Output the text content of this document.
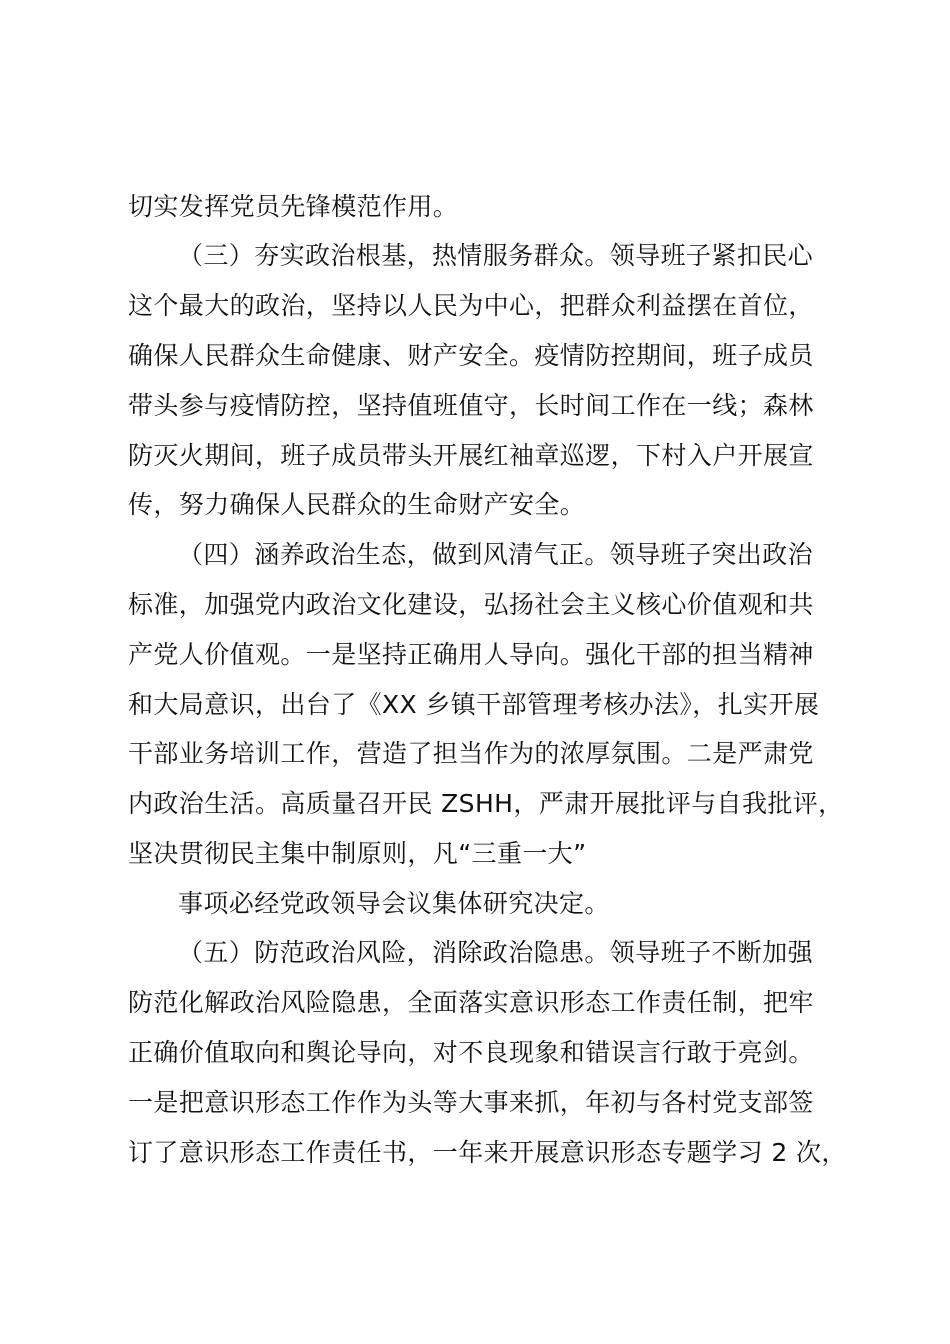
切实发挥党员先锋模范作用。
（三）夯实政治根基，热情服务群众。领导班子紧扣民心
这个最大的政治，坚持以人民为中心，把群众利益摆在首位，
确保人民群众生命健康、财产安全。疫情防控期间，班子成员
带头参与疫情防控，坚持值班值守，长时间工作在一线；森林
防灭火期间，班子成员带头开展红袖章巡逻，下村入户开展宣
传，努力确保人民群众的生命财产安全。
（四）涵养政治生态，做到风清气正。领导班子突出政治
标准，加强党内政治文化建设，弘扬社会主义核心价值观和共
产党人价值观。一是坚持正确用人导向。强化干部的担当精神
和大局意识，出台了《XX 乡镇干部管理考核办法》，扎实开展
干部业务培训工作，营造了担当作为的浓厚氛围。二是严肃党
内政治生活。高质量召开民 ZSHH，严肃开展批评与自我批评，
坚决贯彻民主集中制原则，凡“三重一大”
事项必经党政领导会议集体研究决定。
（五）防范政治风险，消除政治隐患。领导班子不断加强
防范化解政治风险隐患，全面落实意识形态工作责任制，把牢
正确价值取向和舆论导向，对不良现象和错误言行敢于亮剑。
一是把意识形态工作作为头等大事来抓，年初与各村党支部签
订了意识形态工作责任书，一年来开展意识形态专题学习 2 次，
